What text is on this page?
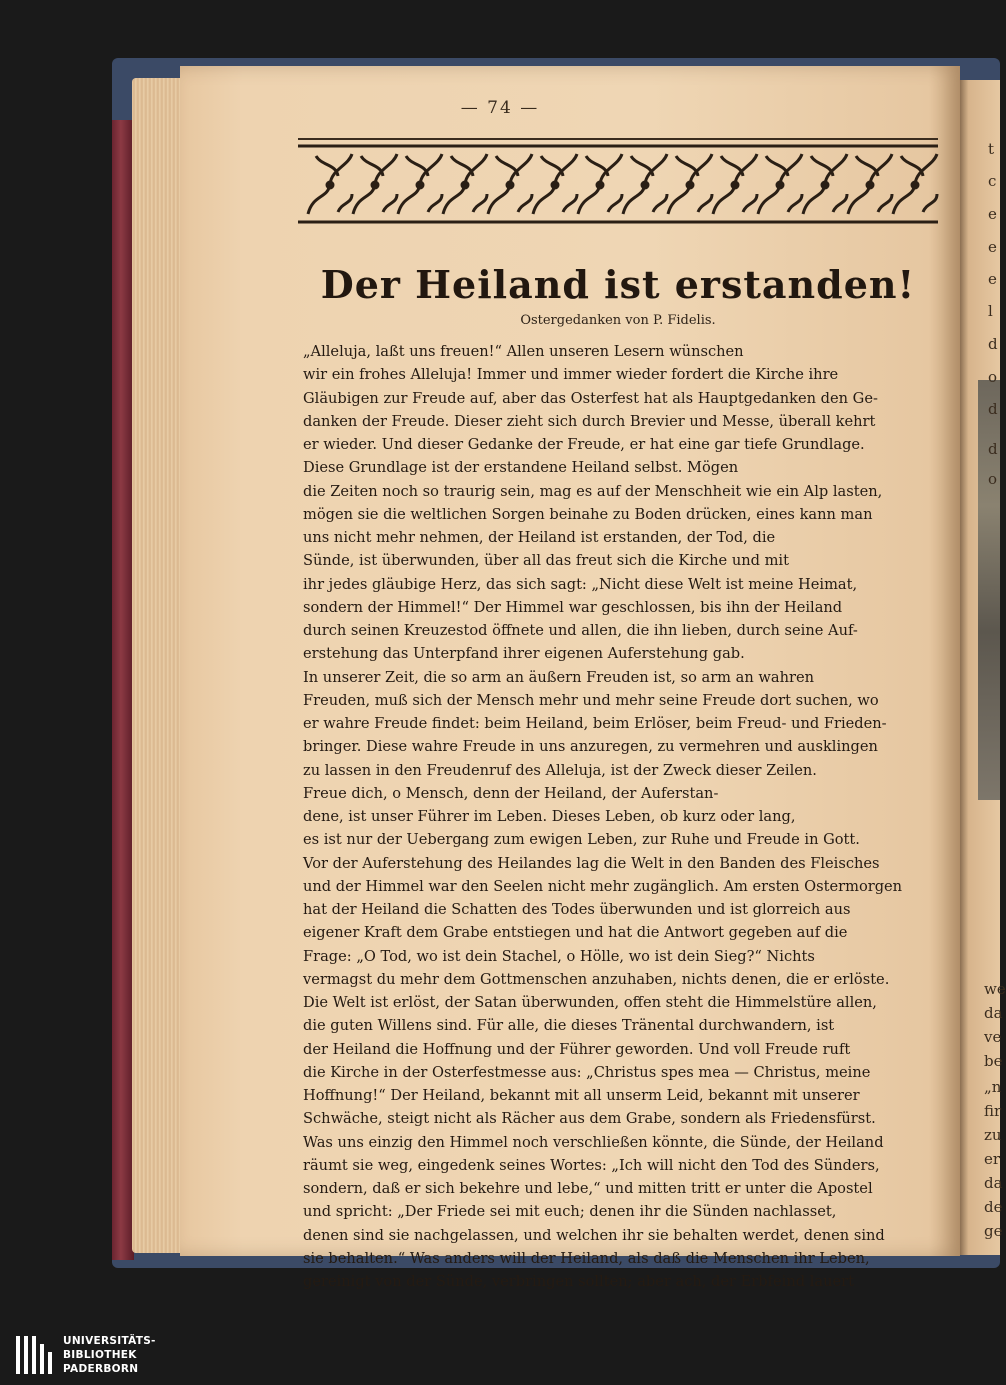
t
c
e
e
e
l
d
o
d
d
o
we
da
ve
be
„n
fir
zu
er
da
de
ge
— 74 —
Der Heiland ist erstanden!
Ostergedanken von P. Fidelis.
„Alleluja, laßt uns freuen!“ Allen unseren Lesern wünschen
wir ein frohes Alleluja! Immer und immer wieder fordert die Kirche ihre
Gläubigen zur Freude auf, aber das Osterfest hat als Hauptgedanken den Ge-
danken der Freude. Dieser zieht sich durch Brevier und Messe, überall kehrt
er wieder. Und dieser Gedanke der Freude, er hat eine gar tiefe Grundlage.
Diese Grundlage ist der erstandene Heiland selbst. Mögen
die Zeiten noch so traurig sein, mag es auf der Menschheit wie ein Alp lasten,
mögen sie die weltlichen Sorgen beinahe zu Boden drücken, eines kann man
uns nicht mehr nehmen, der Heiland ist erstanden, der Tod, die
Sünde, ist überwunden, über all das freut sich die Kirche und mit
ihr jedes gläubige Herz, das sich sagt: „Nicht diese Welt ist meine Heimat,
sondern der Himmel!“ Der Himmel war geschlossen, bis ihn der Heiland
durch seinen Kreuzestod öffnete und allen, die ihn lieben, durch seine Auf-
erstehung das Unterpfand ihrer eigenen Auferstehung gab.
In unserer Zeit, die so arm an äußern Freuden ist, so arm an wahren
Freuden, muß sich der Mensch mehr und mehr seine Freude dort suchen, wo
er wahre Freude findet: beim Heiland, beim Erlöser, beim Freud- und Frieden-
bringer. Diese wahre Freude in uns anzuregen, zu vermehren und ausklingen
zu lassen in den Freudenruf des Alleluja, ist der Zweck dieser Zeilen.
Freue dich, o Mensch, denn der Heiland, der Auferstan-
dene, ist unser Führer im Leben. Dieses Leben, ob kurz oder lang,
es ist nur der Uebergang zum ewigen Leben, zur Ruhe und Freude in Gott.
Vor der Auferstehung des Heilandes lag die Welt in den Banden des Fleisches
und der Himmel war den Seelen nicht mehr zugänglich. Am ersten Ostermorgen
hat der Heiland die Schatten des Todes überwunden und ist glorreich aus
eigener Kraft dem Grabe entstiegen und hat die Antwort gegeben auf die
Frage: „O Tod, wo ist dein Stachel, o Hölle, wo ist dein Sieg?“ Nichts
vermagst du mehr dem Gottmenschen anzuhaben, nichts denen, die er erlöste.
Die Welt ist erlöst, der Satan überwunden, offen steht die Himmelstüre allen,
die guten Willens sind. Für alle, die dieses Tränental durchwandern, ist
der Heiland die Hoffnung und der Führer geworden. Und voll Freude ruft
die Kirche in der Osterfestmesse aus: „Christus spes mea — Christus, meine
Hoffnung!“ Der Heiland, bekannt mit all unserm Leid, bekannt mit unserer
Schwäche, steigt nicht als Rächer aus dem Grabe, sondern als Friedensfürst.
Was uns einzig den Himmel noch verschließen könnte, die Sünde, der Heiland
räumt sie weg, eingedenk seines Wortes: „Ich will nicht den Tod des Sünders,
sondern, daß er sich bekehre und lebe,“ und mitten tritt er unter die Apostel
und spricht: „Der Friede sei mit euch; denen ihr die Sünden nachlasset,
denen sind sie nachgelassen, und welchen ihr sie behalten werdet, denen sind
sie behalten.“ Was anders will der Heiland, als daß die Menschen ihr Leben,
gereinigt von der Sünde, verbringen sollten; aber ach, der Erbfeind lauert
UNIVERSITÄTS-
BIBLIOTHEK
PADERBORN
